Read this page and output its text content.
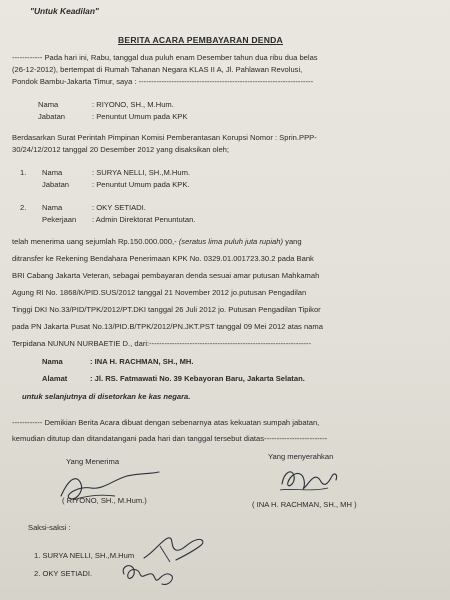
"Untuk Keadilan"
BERITA ACARA PEMBAYARAN DENDA
------------ Pada hari ini, Rabu, tanggal dua puluh enam Desember tahun dua ribu dua belas
(26-12-2012), bertempat di Rumah Tahanan Negara KLAS II A, Jl. Pahlawan Revolusi,
Pondok Bambu-Jakarta Timur, saya : ---------------------------------------------------------------------
Nama	: RIYONO, SH., M.Hum.
Jabatan	: Penuntut Umum pada KPK
Berdasarkan Surat Perintah Pimpinan Komisi Pemberantasan Korupsi Nomor : Sprin.PPP-
30/24/12/2012 tanggal 20 Desember 2012 yang disaksikan oleh;
1. Nama	: SURYA NELLI, SH.,M.Hum.
Jabatan	: Penuntut Umum pada KPK.
2. Nama	: OKY SETIADI.
Pekerjaan : Admin Direktorat Penuntutan.
telah menerima uang sejumlah Rp.150.000.000,- (seratus lima puluh juta rupiah) yang
ditransfer ke Rekening Bendahara Penerimaan KPK No. 0329.01.001723.30.2 pada Bank
BRI Cabang Jakarta Veteran, sebagai pembayaran denda sesuai amar putusan Mahkamah
Agung RI No. 1868/K/PID.SUS/2012 tanggal 21 November 2012 jo.putusan Pengadilan
Tinggi DKI No.33/PID/TPK/2012/PT.DKI tanggal 26 Juli 2012 jo. Putusan Pengadilan Tipikor
pada PN Jakarta Pusat No.13/PID.B/TPK/2012/PN.JKT.PST tanggal 09 Mei 2012 atas nama
Terpidana NUNUN NURBAETIE D., dari:----------------------------------------------------------------
Nama	: INA H. RACHMAN, SH., MH.
Alamat	: Jl. RS. Fatmawati No. 39 Kebayoran Baru, Jakarta Selatan.
untuk selanjutnya di disetorkan ke kas negara.
------------ Demikian Berita Acara dibuat dengan sebenarnya atas kekuatan sumpah jabatan,
kemudian ditutup dan ditandatangani pada hari dan tanggal tersebut diatas-------------------------
Yang Menerima
Yang menyerahkan
( RIYONO, SH., M.Hum.)	( INA H. RACHMAN, SH., MH )
Saksi-saksi :
1. SURYA NELLI, SH.,M.Hum
2. OKY SETIADI.
